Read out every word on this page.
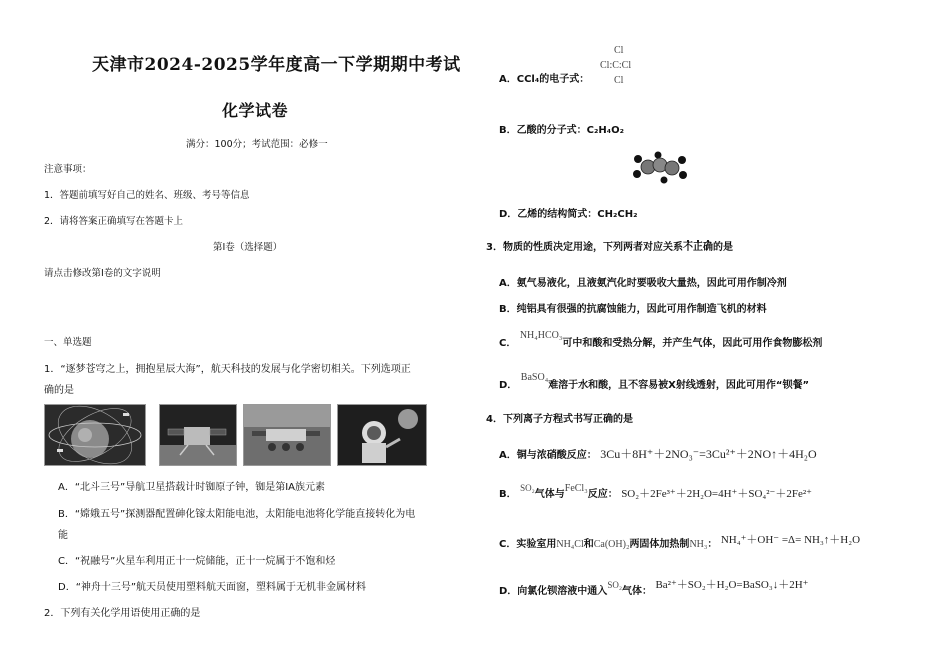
天津市2024-2025学年度高一下学期期中考试
化学试卷
满分：100分；考试范围：必修一
注意事项：
1．答题前填写好自己的姓名、班级、考号等信息
2．请将答案正确填写在答题卡上
第Ⅰ卷（选择题）
请点击修改第Ⅰ卷的文字说明
一、单选题
1．“逐梦苍穹之上，拥抱星辰大海”，航天科技的发展与化学密切相关。下列选项正
确的是
A．“北斗三号”导航卫星搭载计时铷原子钟，铷是第ⅠA族元素
B．“嫦娥五号”探测器配置砷化镓太阳能电池，太阳能电池将化学能直接转化为电
能
C．“祝融号”火星车利用正十一烷储能，正十一烷属于不饱和烃
D．“神舟十三号”航天员使用塑料航天面窗，塑料属于无机非金属材料
2．下列有关化学用语使用正确的是
A．CCl₄的电子式：
Cl
Cl:C:Cl
Cl
B．乙酸的分子式：C₂H₄O₂
D．乙烯的结构简式：CH₂CH₂
3．物质的性质决定用途，下列两者对应关系不正确的是
A．氨气易液化，且液氨汽化时要吸收大量热，因此可用作制冷剂
B．纯铝具有很强的抗腐蚀能力，因此可用作制造飞机的材料
C． NH₄HCO₃可中和酸和受热分解，并产生气体，因此可用作食物膨松剂
D． BaSO₄难溶于水和酸，且不容易被X射线透射，因此可用作“钡餐”
4．下列离子方程式书写正确的是
A．铜与浓硝酸反应： 3Cu＋8H⁺＋2NO₃⁻=3Cu²⁺＋2NO↑＋4H₂O
B． SO₂气体与FeCl₃反应： SO₂＋2Fe³⁺＋2H₂O=4H⁺＋SO₄²⁻＋2Fe²⁺
C．实验室用NH₄Cl和Ca(OH)₂两固体加热制NH₃： NH₄⁺＋OH⁻ =Δ= NH₃↑＋H₂O
D．向氯化钡溶液中通入SO₂气体： Ba²⁺＋SO₂＋H₂O=BaSO₃↓＋2H⁺
